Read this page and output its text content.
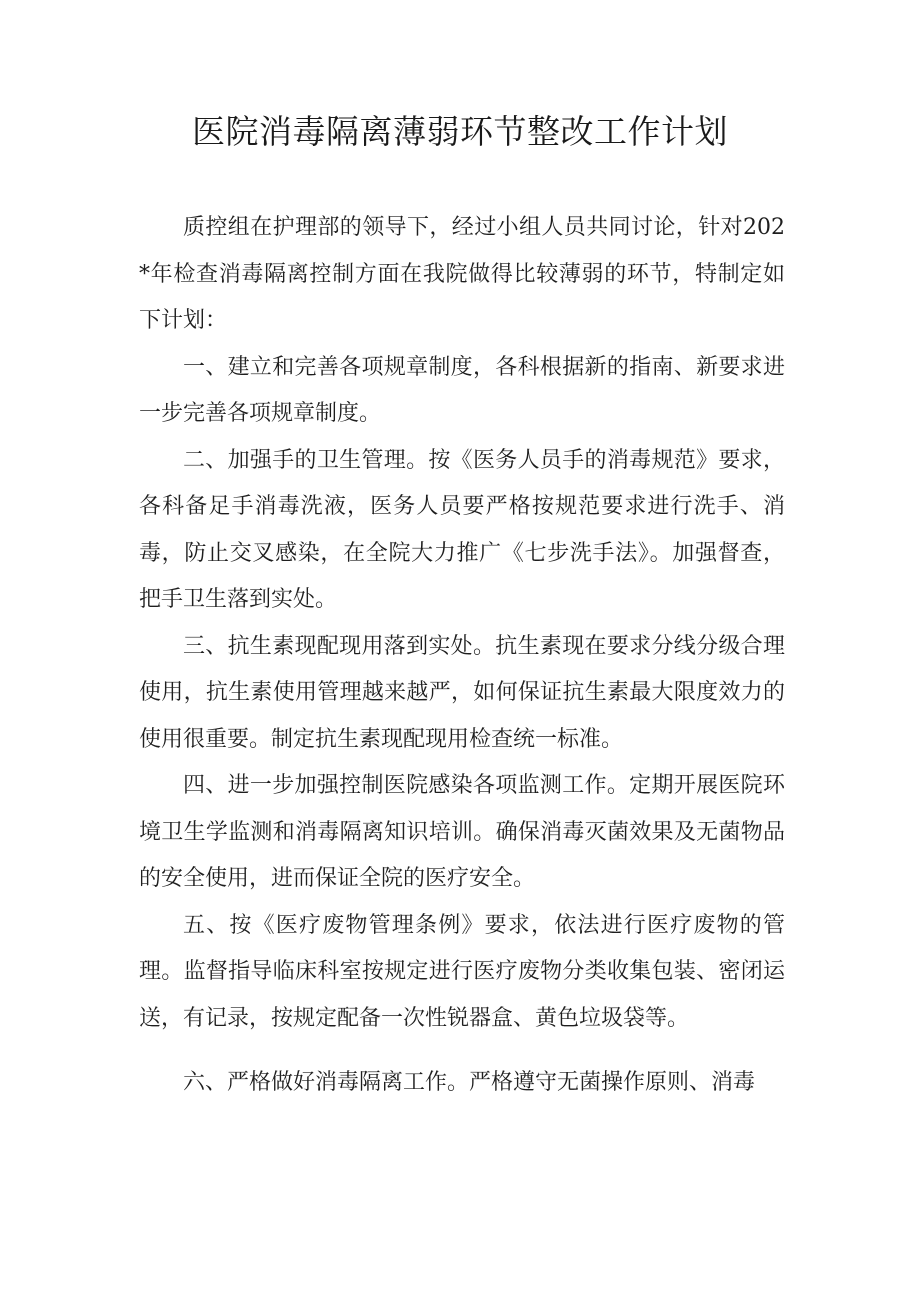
医院消毒隔离薄弱环节整改工作计划

质控组在护理部的领导下，经过小组人员共同讨论，针对202*年检查消毒隔离控制方面在我院做得比较薄弱的环节，特制定如下计划：

一、建立和完善各项规章制度，各科根据新的指南、新要求进一步完善各项规章制度。

二、加强手的卫生管理。按《医务人员手的消毒规范》要求，各科备足手消毒洗液，医务人员要严格按规范要求进行洗手、消毒，防止交叉感染，在全院大力推广《七步洗手法》。加强督查，把手卫生落到实处。

三、抗生素现配现用落到实处。抗生素现在要求分线分级合理使用，抗生素使用管理越来越严，如何保证抗生素最大限度效力的使用很重要。制定抗生素现配现用检查统一标准。

四、进一步加强控制医院感染各项监测工作。定期开展医院环境卫生学监测和消毒隔离知识培训。确保消毒灭菌效果及无菌物品的安全使用，进而保证全院的医疗安全。

五、按《医疗废物管理条例》要求，依法进行医疗废物的管理。监督指导临床科室按规定进行医疗废物分类收集包装、密闭运送，有记录，按规定配备一次性锐器盒、黄色垃圾袋等。

六、严格做好消毒隔离工作。严格遵守无菌操作原则、消毒
